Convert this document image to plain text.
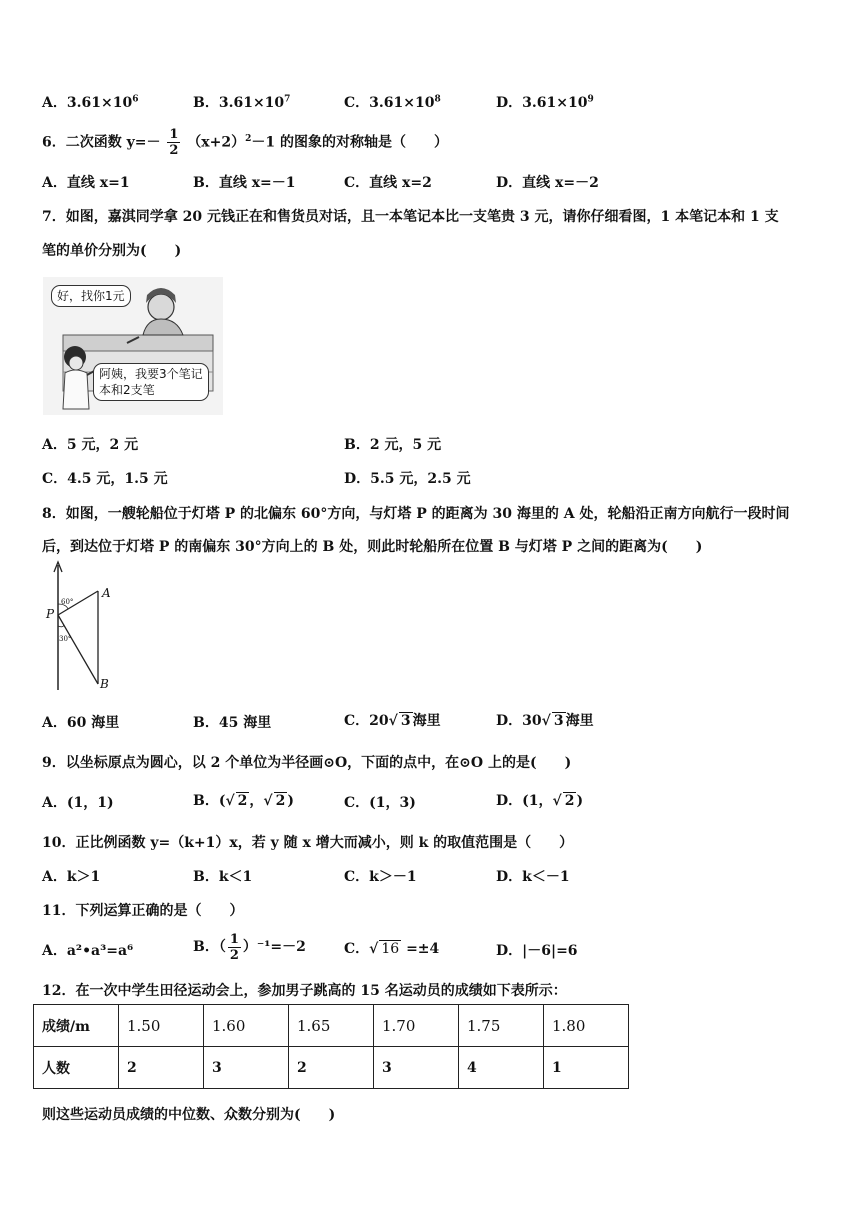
A．$3.61\times 10^6$	B．$3.61\times 10^7$	C．$3.61\times 10^8$	D．$3.61\times 10^9$
6．二次函数 $y=- \frac{1}{2} (x+2)^2-1$ 的图象的对称轴是（　　）
A．直线 x=1	B．直线 x=－1	C．直线 x=2	D．直线 x=－2
7．如图，嘉淇同学拿 20 元钱正在和售货员对话，且一本笔记本比一支笔贵 3 元，请你仔细看图，1 本笔记本和 1 支
笔的单价分别为(　　)
好，找你1元
阿姨，我要3个笔记
本和2支笔
A．5 元，2 元	B．2 元，5 元
C．4.5 元，1.5 元	D．5.5 元，2.5 元
8．如图，一艘轮船位于灯塔 P 的北偏东 60°方向，与灯塔 P 的距离为 30 海里的 A 处，轮船沿正南方向航行一段时间
后，到达位于灯塔 P 的南偏东 30°方向上的 B 处，则此时轮船所在位置 B 与灯塔 P 之间的距离为(　　)
P
A
B
60°
30°
A．60 海里	B．45 海里	C．20√ 3 海里	D．30√ 3 海里
9．以坐标原点为圆心，以 2 个单位为半径画⊙O，下面的点中，在⊙O 上的是(　　)
A．(1，1)	B．(√ 2 ，√ 2 )	C．(1，3)	D．(1，√ 2 )
10．正比例函数 y=（k+1）x，若 y 随 x 增大而减小，则 k 的取值范围是（　　）
A．k＞1	B．k＜1	C．k＞－1	D．k＜－1
11．下列运算正确的是（　　）
A．a²•a³=a⁶	B．（ $\frac{1}{2} )^{-1}=-2$	C．√ 16 =±4	D．|－6|=6
12．在一次中学生田径运动会上，参加男子跳高的 15 名运动员的成绩如下表所示：
成绩/m	1.50	1.60	1.65	1.70	1.75	1.80
人数	2	3	2	3	4	1
则这些运动员成绩的中位数、众数分别为(　　)
